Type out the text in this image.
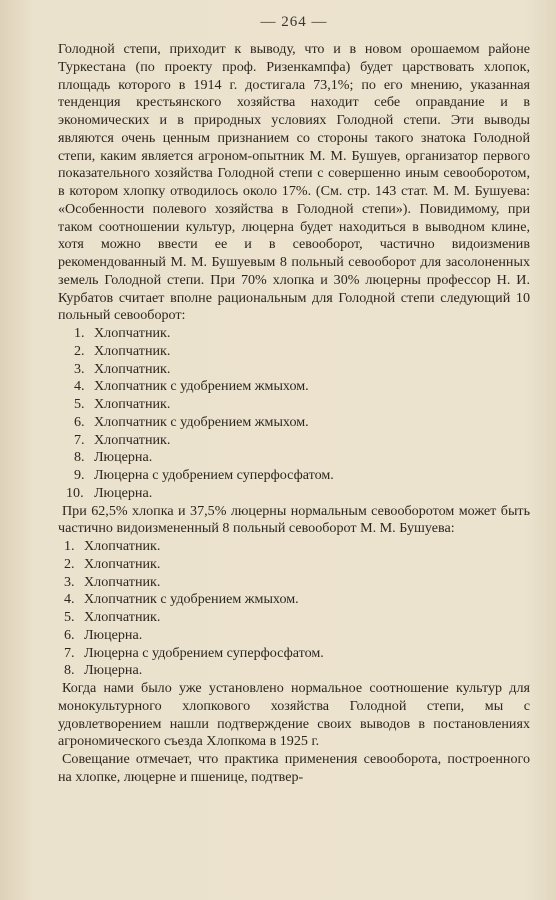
— 264 —

Голодной степи, приходит к выводу, что и в новом орошаемом районе Туркестана (по проекту проф. Ризенкампфа) будет царствовать хлопок, площадь которого в 1914 г. достигала 73,1%; по его мнению, указанная тенденция крестьянского хозяйства находит себе оправдание и в экономических и в природных условиях Голодной степи. Эти выводы являются очень ценным признанием со стороны такого знатока Голодной степи, каким является агроном-опытник М. М. Бушуев, организатор первого показательного хозяйства Голодной степи с совершенно иным севооборотом, в котором хлопку отводилось около 17%. (См. стр. 143 стат. М. М. Бушуева: «Особенности полевого хозяйства в Голодной степи»). Повидимому, при таком соотношении культур, люцерна будет находиться в выводном клине, хотя можно ввести ее и в севооборот, частично видоизменив рекомендованный М. М. Бушуевым 8 польный севооборот для засолоненных земель Голодной степи. При 70% хлопка и 30% люцерны профессор Н. И. Курбатов считает вполне рациональным для Голодной степи следующий 10 польный севооборот:

1. Хлопчатник.
2. Хлопчатник.
3. Хлопчатник.
4. Хлопчатник с удобрением жмыхом.
5. Хлопчатник.
6. Хлопчатник с удобрением жмыхом.
7. Хлопчатник.
8. Люцерна.
9. Люцерна с удобрением суперфосфатом.
10. Люцерна.

При 62,5% хлопка и 37,5% люцерны нормальным севооборотом может быть частично видоизмененный 8 польный севооборот М. М. Бушуева:

1. Хлопчатник.
2. Хлопчатник.
3. Хлопчатник.
4. Хлопчатник с удобрением жмыхом.
5. Хлопчатник.
6. Люцерна.
7. Люцерна с удобрением суперфосфатом.
8. Люцерна.

Когда нами было уже установлено нормальное соотношение культур для монокультурного хлопкового хозяйства Голодной степи, мы с удовлетворением нашли подтверждение своих выводов в постановлениях агрономического съезда Хлопкома в 1925 г.

Совещание отмечает, что практика применения севооборота, построенного на хлопке, люцерне и пшенице, подтвер-
